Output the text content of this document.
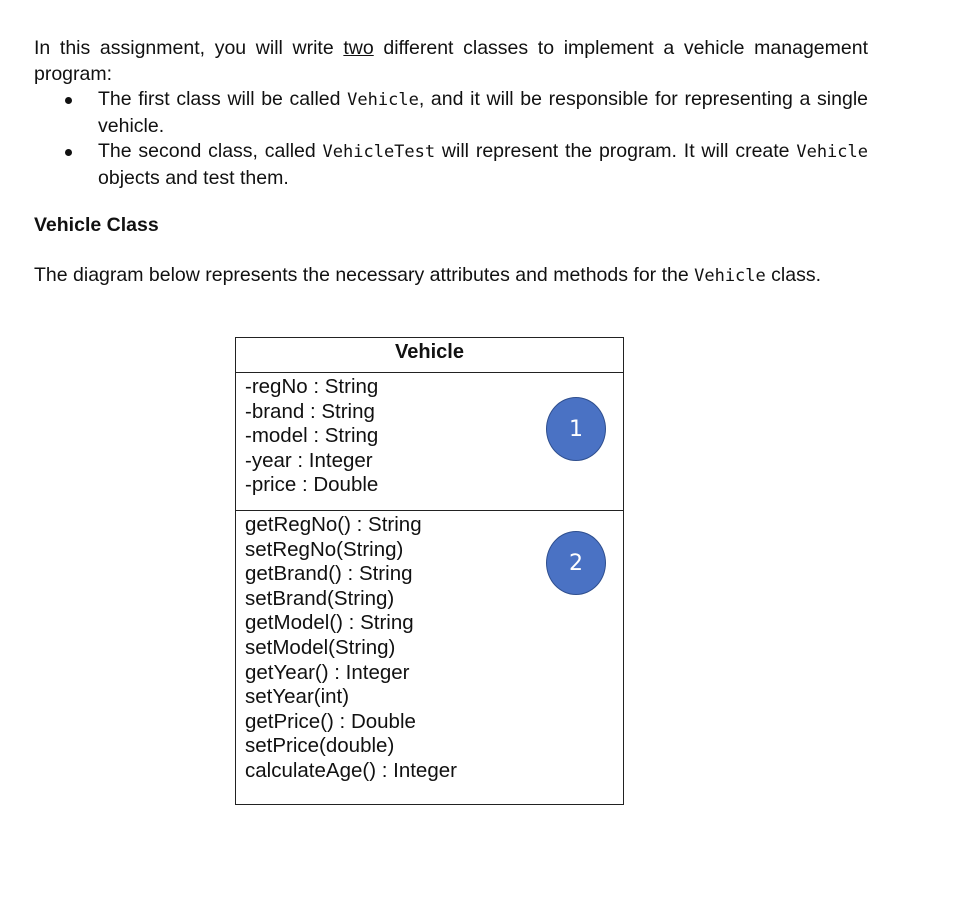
In this assignment, you will write two different classes to implement a vehicle management program:

The first class will be called Vehicle, and it will be responsible for representing a single vehicle.
The second class, called VehicleTest will represent the program. It will create Vehicle objects and test them.
Vehicle Class

The diagram below represents the necessary attributes and methods for the Vehicle class.

Vehicle
-regNo : String
-brand : String
-model : String
-year : Integer
-price : Double
1
getRegNo() : String
setRegNo(String)
getBrand() : String
setBrand(String)
getModel() : String
setModel(String)
getYear() : Integer
setYear(int)
getPrice() : Double
setPrice(double)
calculateAge() : Integer
2
